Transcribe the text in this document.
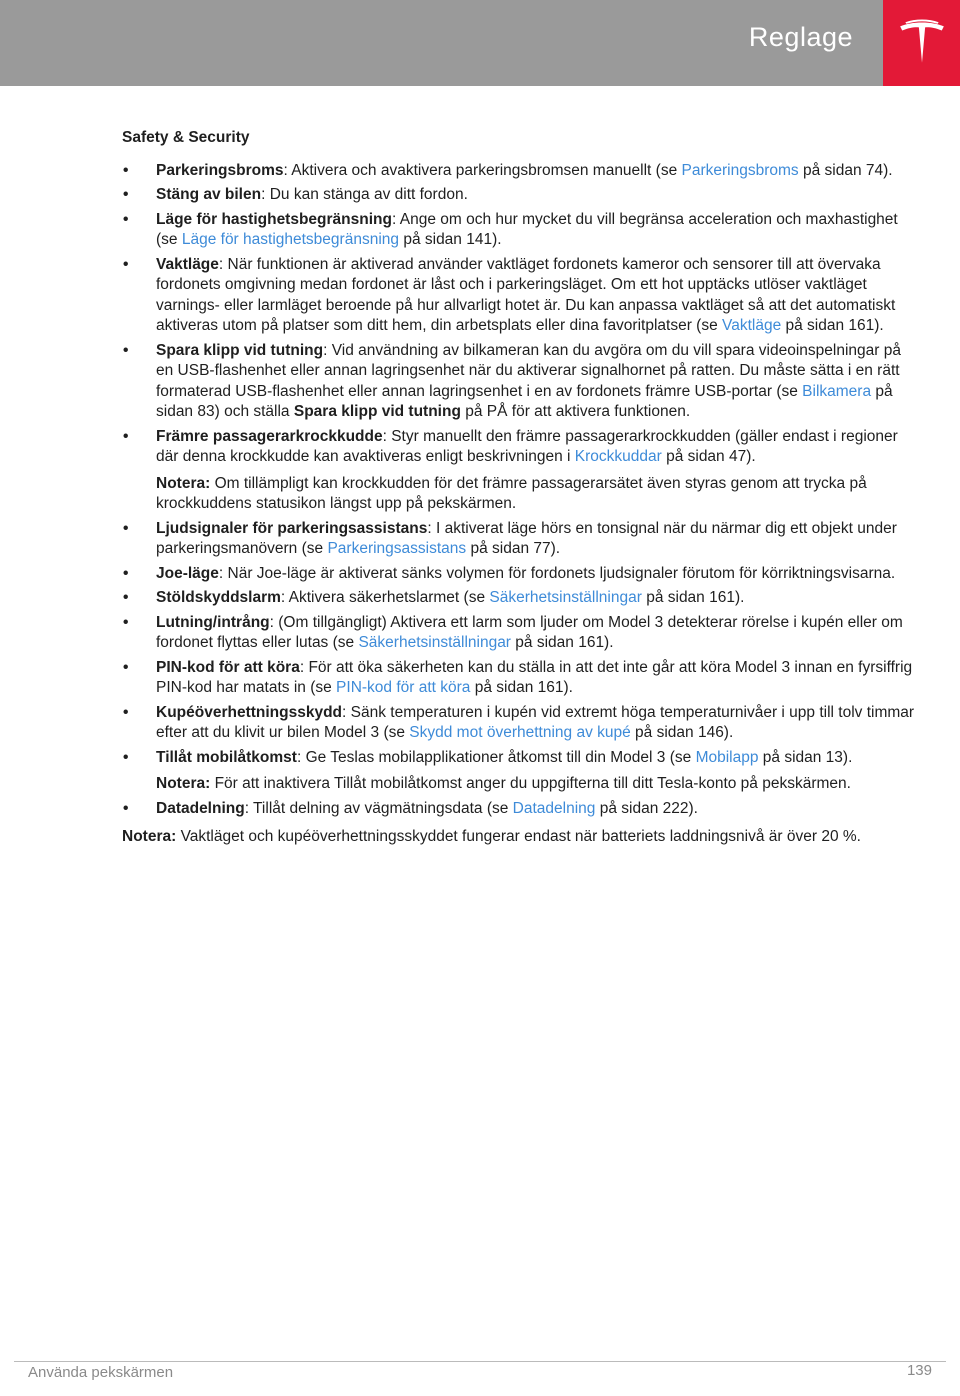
Reglage
Safety & Security
• Parkeringsbroms: Aktivera och avaktivera parkeringsbromsen manuellt (se Parkeringsbroms på sidan 74).
• Stäng av bilen: Du kan stänga av ditt fordon.
• Läge för hastighetsbegränsning: Ange om och hur mycket du vill begränsa acceleration och maxhastighet (se Läge för hastighetsbegränsning på sidan 141).
• Vaktläge: När funktionen är aktiverad använder vaktläget fordonets kameror och sensorer till att övervaka fordonets omgivning medan fordonet är låst och i parkeringsläget. Om ett hot upptäcks utlöser vaktläget varnings- eller larmläget beroende på hur allvarligt hotet är. Du kan anpassa vaktläget så att det automatiskt aktiveras utom på platser som ditt hem, din arbetsplats eller dina favoritplatser (se Vaktläge på sidan 161).
• Spara klipp vid tutning: Vid användning av bilkameran kan du avgöra om du vill spara videoinspelningar på en USB-flashenhet eller annan lagringsenhet när du aktiverar signalhornet på ratten. Du måste sätta i en rätt formaterad USB-flashenhet eller annan lagringsenhet i en av fordonets främre USB-portar (se Bilkamera på sidan 83) och ställa Spara klipp vid tutning på PÅ för att aktivera funktionen.
• Främre passagerarkrockkudde: Styr manuellt den främre passagerarkrockkudden (gäller endast i regioner där denna krockkudde kan avaktiveras enligt beskrivningen i Krockkuddar på sidan 47).
Notera: Om tillämpligt kan krockkudden för det främre passagerarsätet även styras genom att trycka på krockkuddens statusikon längst upp på pekskärmen.
• Ljudsignaler för parkeringsassistans: I aktiverat läge hörs en tonsignal när du närmar dig ett objekt under parkeringsmanövern (se Parkeringsassistans på sidan 77).
• Joe-läge: När Joe-läge är aktiverat sänks volymen för fordonets ljudsignaler förutom för körriktningsvisarna.
• Stöldskyddslarm: Aktivera säkerhetslarmet (se Säkerhetsinställningar på sidan 161).
• Lutning/intrång: (Om tillgängligt) Aktivera ett larm som ljuder om Model 3 detekterar rörelse i kupén eller om fordonet flyttas eller lutas (se Säkerhetsinställningar på sidan 161).
• PIN-kod för att köra: För att öka säkerheten kan du ställa in att det inte går att köra Model 3 innan en fyrsiffrig PIN-kod har matats in (se PIN-kod för att köra på sidan 161).
• Kupéöverhettningsskydd: Sänk temperaturen i kupén vid extremt höga temperaturnivåer i upp till tolv timmar efter att du klivit ur bilen Model 3 (se Skydd mot överhettning av kupé på sidan 146).
• Tillåt mobilåtkomst: Ge Teslas mobilapplikationer åtkomst till din Model 3 (se Mobilapp på sidan 13).
Notera: För att inaktivera Tillåt mobilåtkomst anger du uppgifterna till ditt Tesla-konto på pekskärmen.
• Datadelning: Tillåt delning av vägmätningsdata (se Datadelning på sidan 222).
Notera: Vaktläget och kupéöverhettningsskyddet fungerar endast när batteriets laddningsnivå är över 20 %.
Använda pekskärmen	139
